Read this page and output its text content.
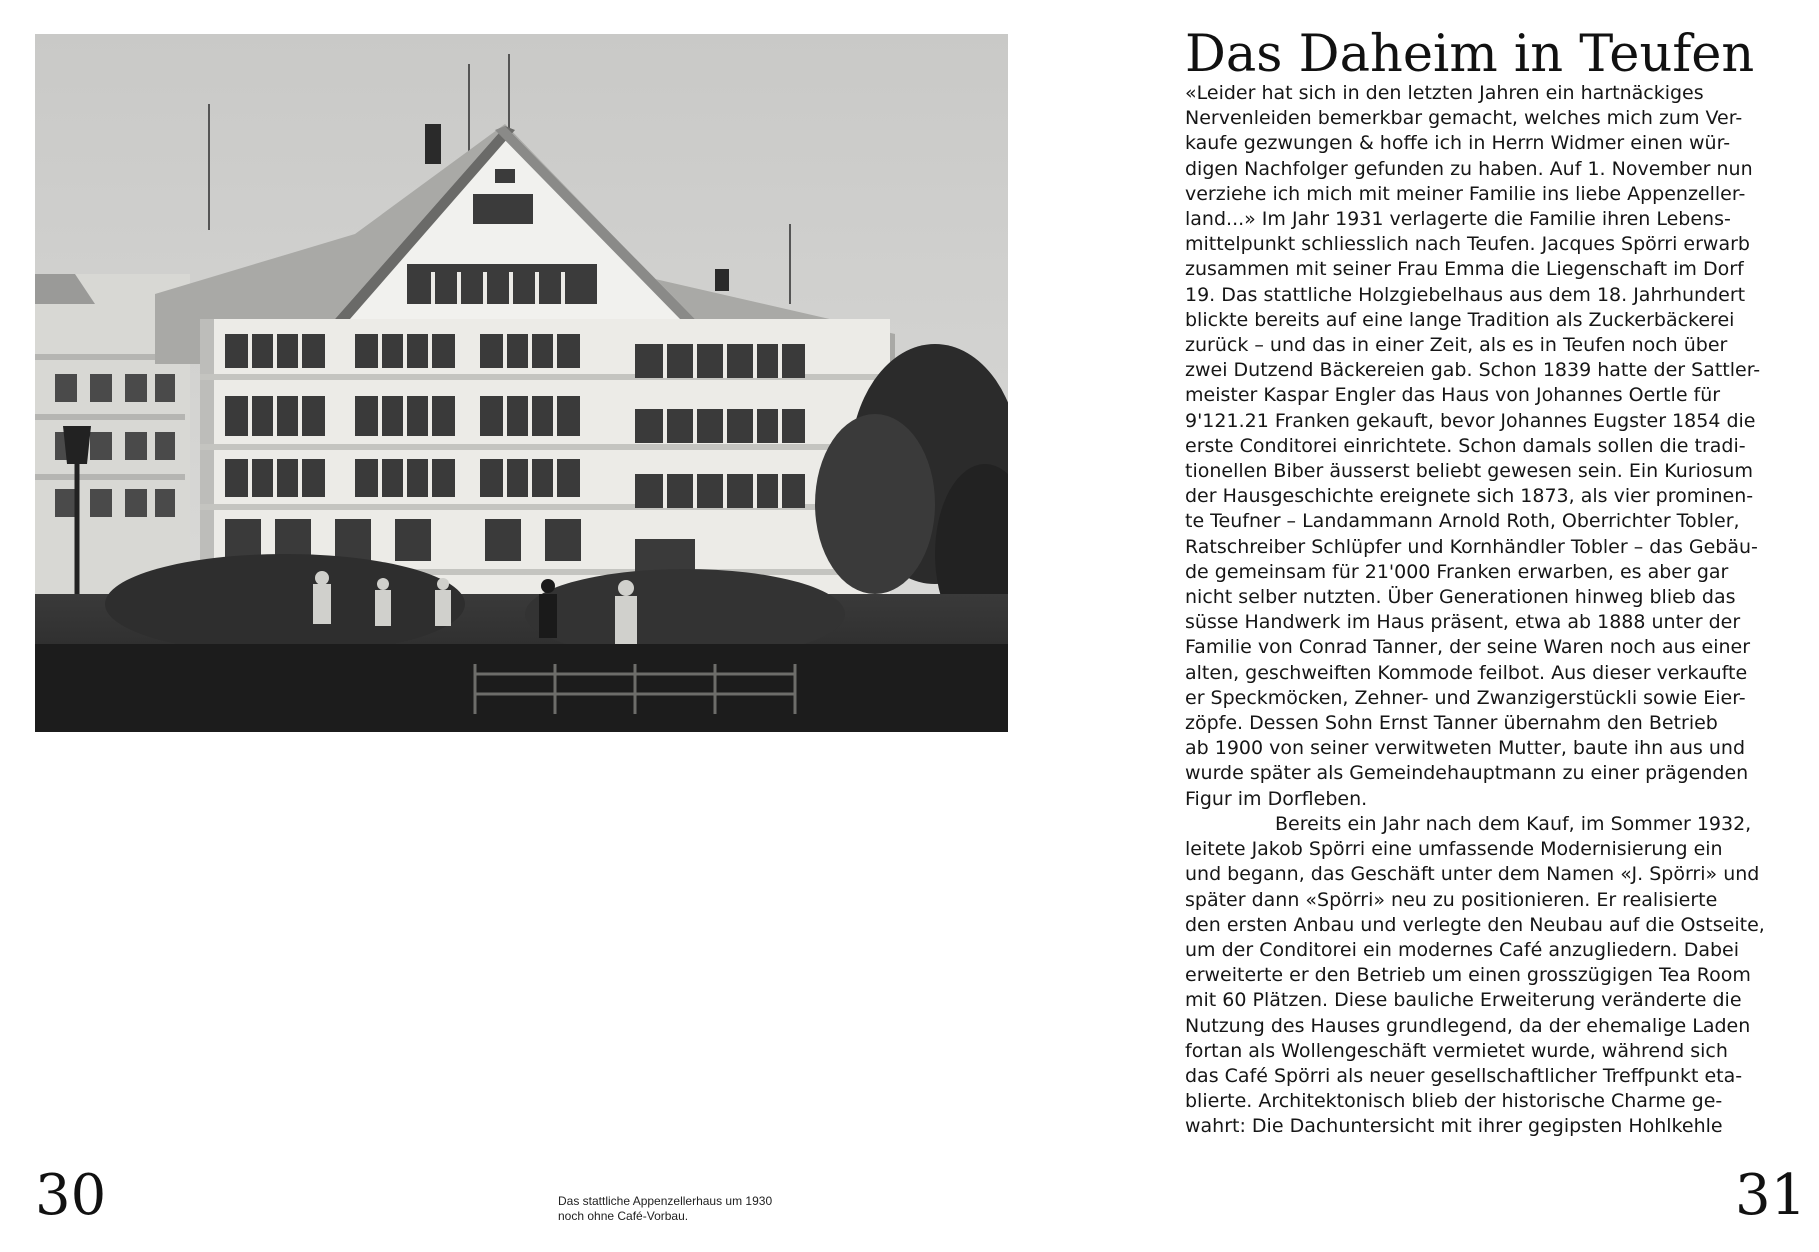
30	Das stattliche Appenzellerhaus um 1930
noch ohne Café-Vorbau.
Das Daheim in Teufen
«Leider hat sich in den letzten Jahren ein hartnäckiges
Nervenleiden bemerkbar gemacht, welches mich zum Ver-
kaufe gezwungen & hoffe ich in Herrn Widmer einen wür-
digen Nachfolger gefunden zu haben. Auf 1. November nun
verziehe ich mich mit meiner Familie ins liebe Appenzeller-
land...» Im Jahr 1931 verlagerte die Familie ihren Lebens-
mittelpunkt schliesslich nach Teufen. Jacques Spörri erwarb
zusammen mit seiner Frau Emma die Liegenschaft im Dorf
19. Das stattliche Holzgiebelhaus aus dem 18. Jahrhundert
blickte bereits auf eine lange Tradition als Zuckerbäckerei
zurück – und das in einer Zeit, als es in Teufen noch über
zwei Dutzend Bäckereien gab. Schon 1839 hatte der Sattler-
meister Kaspar Engler das Haus von Johannes Oertle für
9'121.21 Franken gekauft, bevor Johannes Eugster 1854 die
erste Conditorei einrichtete. Schon damals sollen die tradi-
tionellen Biber äusserst beliebt gewesen sein. Ein Kuriosum
der Hausgeschichte ereignete sich 1873, als vier prominen-
te Teufner – Landammann Arnold Roth, Oberrichter Tobler,
Ratschreiber Schlüpfer und Kornhändler Tobler – das Gebäu-
de gemeinsam für 21'000 Franken erwarben, es aber gar
nicht selber nutzten. Über Generationen hinweg blieb das
süsse Handwerk im Haus präsent, etwa ab 1888 unter der
Familie von Conrad Tanner, der seine Waren noch aus einer
alten, geschweiften Kommode feilbot. Aus dieser verkaufte
er Speckmöcken, Zehner- und Zwanzigerstückli sowie Eier-
zöpfe. Dessen Sohn Ernst Tanner übernahm den Betrieb
ab 1900 von seiner verwitweten Mutter, baute ihn aus und
wurde später als Gemeindehauptmann zu einer prägenden
Figur im Dorfleben.
Bereits ein Jahr nach dem Kauf, im Sommer 1932,
leitete Jakob Spörri eine umfassende Modernisierung ein
und begann, das Geschäft unter dem Namen «J. Spörri» und
später dann «Spörri» neu zu positionieren. Er realisierte
den ersten Anbau und verlegte den Neubau auf die Ostseite,
um der Conditorei ein modernes Café anzugliedern. Dabei
erweiterte er den Betrieb um einen grosszügigen Tea Room
mit 60 Plätzen. Diese bauliche Erweiterung veränderte die
Nutzung des Hauses grundlegend, da der ehemalige Laden
fortan als Wollengeschäft vermietet wurde, während sich
das Café Spörri als neuer gesellschaftlicher Treffpunkt eta-
blierte. Architektonisch blieb der historische Charme ge-
wahrt: Die Dachuntersicht mit ihrer gegipsten Hohlkehle
31
